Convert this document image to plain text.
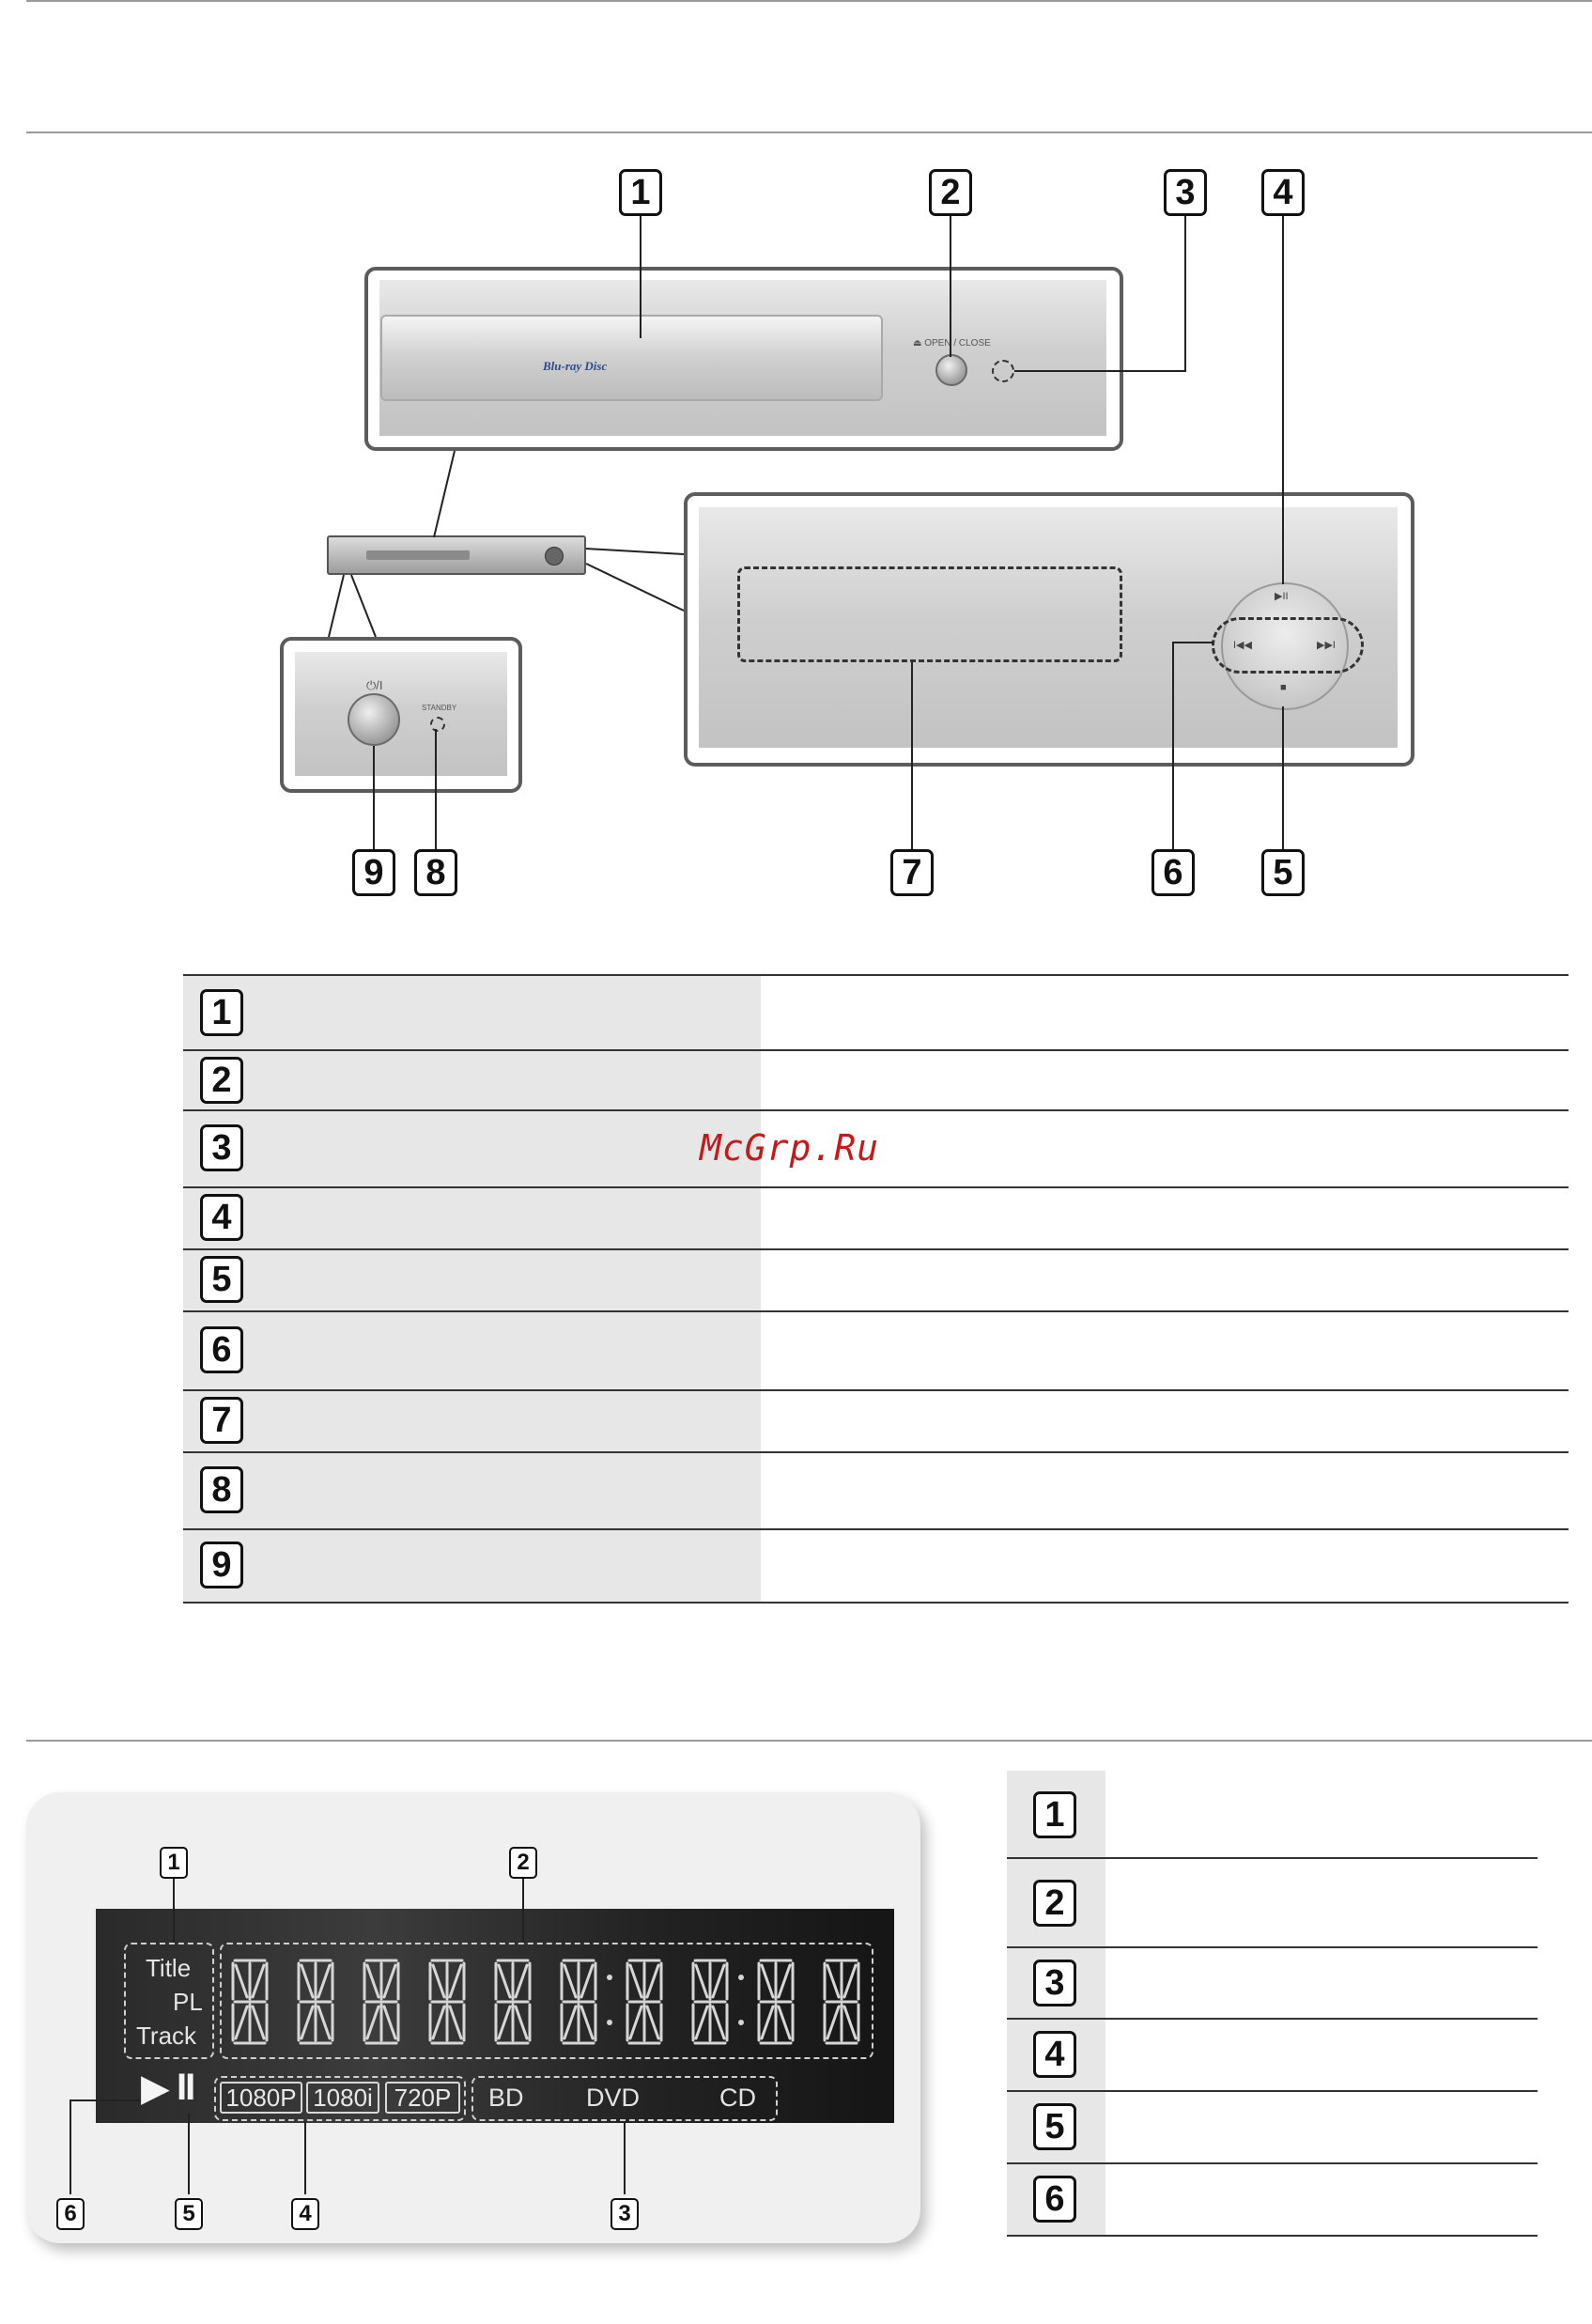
Blu-ray Disc
⏏ OPEN / CLOSE
⏻/I
STANDBY
▶II
I◀◀	▶▶I
■
1	2	3	4
9	8	7	6	5
1
2
3
4
5
6
7
8
9
McGrp.Ru
Title
PL
Track
▶ II 1080P 1080i 720P	BD DVD	CD
1	2
6	5	4	3
1
2
3
4
5
6
